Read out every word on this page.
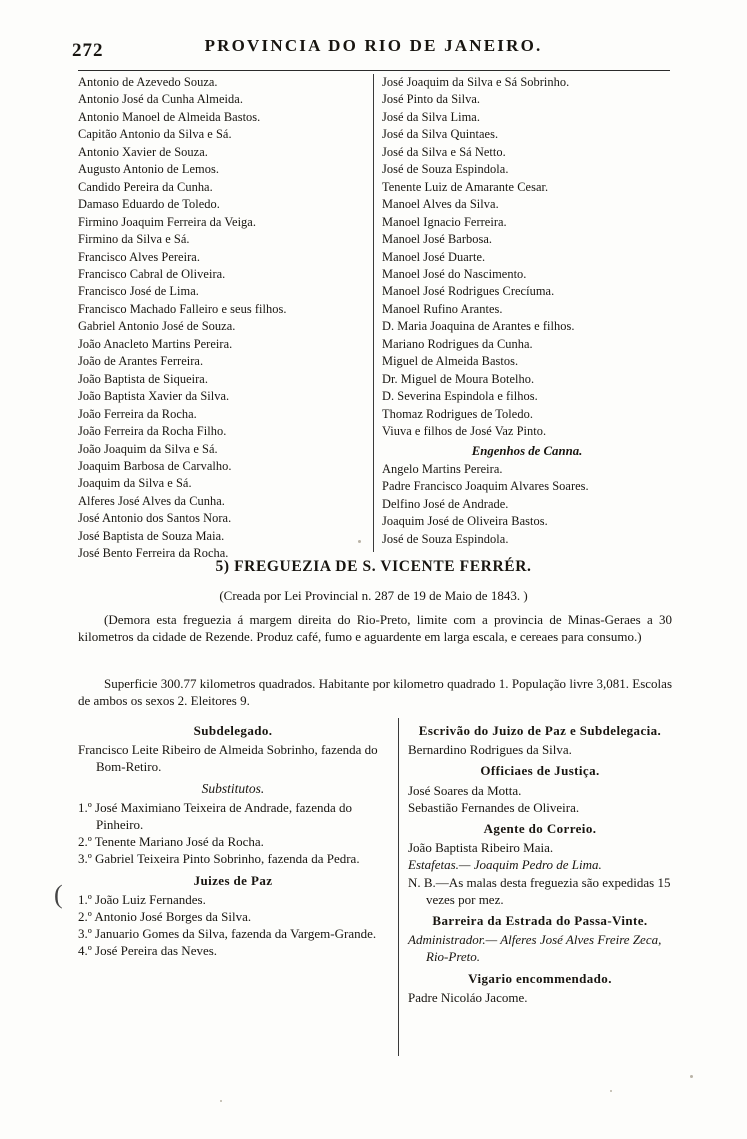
272	PROVINCIA DO RIO DE JANEIRO.
Antonio de Azevedo Souza.
Antonio José da Cunha Almeida.
Antonio Manoel de Almeida Bastos.
Capitão Antonio da Silva e Sá.
Antonio Xavier de Souza.
Augusto Antonio de Lemos.
Candido Pereira da Cunha.
Damaso Eduardo de Toledo.
Firmino Joaquim Ferreira da Veiga.
Firmino da Silva e Sá.
Francisco Alves Pereira.
Francisco Cabral de Oliveira.
Francisco José de Lima.
Francisco Machado Falleiro e seus filhos.
Gabriel Antonio José de Souza.
João Anacleto Martins Pereira.
João de Arantes Ferreira.
João Baptista de Siqueira.
João Baptista Xavier da Silva.
João Ferreira da Rocha.
João Ferreira da Rocha Filho.
João Joaquim da Silva e Sá.
Joaquim Barbosa de Carvalho.
Joaquim da Silva e Sá.
Alferes José Alves da Cunha.
José Antonio dos Santos Nora.
José Baptista de Souza Maia.
José Bento Ferreira da Rocha.
José Joaquim da Silva e Sá Sobrinho.
José Pinto da Silva.
José da Silva Lima.
José da Silva Quintaes.
José da Silva e Sá Netto.
José de Souza Espindola.
Tenente Luiz de Amarante Cesar.
Manoel Alves da Silva.
Manoel Ignacio Ferreira.
Manoel José Barbosa.
Manoel José Duarte.
Manoel José do Nascimento.
Manoel José Rodrigues Crecíuma.
Manoel Rufino Arantes.
D. Maria Joaquina de Arantes e filhos.
Mariano Rodrigues da Cunha.
Miguel de Almeida Bastos.
Dr. Miguel de Moura Botelho.
D. Severina Espindola e filhos.
Thomaz Rodrigues de Toledo.
Viuva e filhos de José Vaz Pinto.
Engenhos de Canna.
Angelo Martins Pereira.
Padre Francisco Joaquim Alvares Soares.
Delfino José de Andrade.
Joaquim José de Oliveira Bastos.
José de Souza Espindola.
5) FREGUEZIA DE S. VICENTE FERRÉR.
(Creada por Lei Provincial n. 287 de 19 de Maio de 1843. )
(Demora esta freguezia á margem direita do Rio-Preto, limite com a provincia de Minas-Geraes a 30 kilometros da cidade de Rezende. Produz café, fumo e aguardente em larga escala, e cereaes para consumo.)
Superficie 300.77 kilometros quadrados. Habitante por kilometro quadrado 1. População livre 3,081. Escolas de ambos os sexos 2. Eleitores 9.
Subdelegado.
Francisco Leite Ribeiro de Almeida Sobrinho, fazenda do Bom-Retiro.
Substitutos.
1.º José Maximiano Teixeira de Andrade, fazenda do Pinheiro.
2.º Tenente Mariano José da Rocha.
3.º Gabriel Teixeira Pinto Sobrinho, fazenda da Pedra.
Juizes de Paz
1.º João Luiz Fernandes.
2.º Antonio José Borges da Silva.
3.º Januario Gomes da Silva, fazenda da Vargem-Grande.
4.º José Pereira das Neves.
Escrivão do Juizo de Paz e Subdelegacia.
Bernardino Rodrigues da Silva.
Officiaes de Justiça.
José Soares da Motta.
Sebastião Fernandes de Oliveira.
Agente do Correio.
João Baptista Ribeiro Maia.
Estafetas.— Joaquim Pedro de Lima.
N. B.—As malas desta freguezia são expedidas 15 vezes por mez.
Barreira da Estrada do Passa-Vinte.
Administrador.— Alferes José Alves Freire Zeca, Rio-Preto.
Vigario encommendado.
Padre Nicoláo Jacome.
(
